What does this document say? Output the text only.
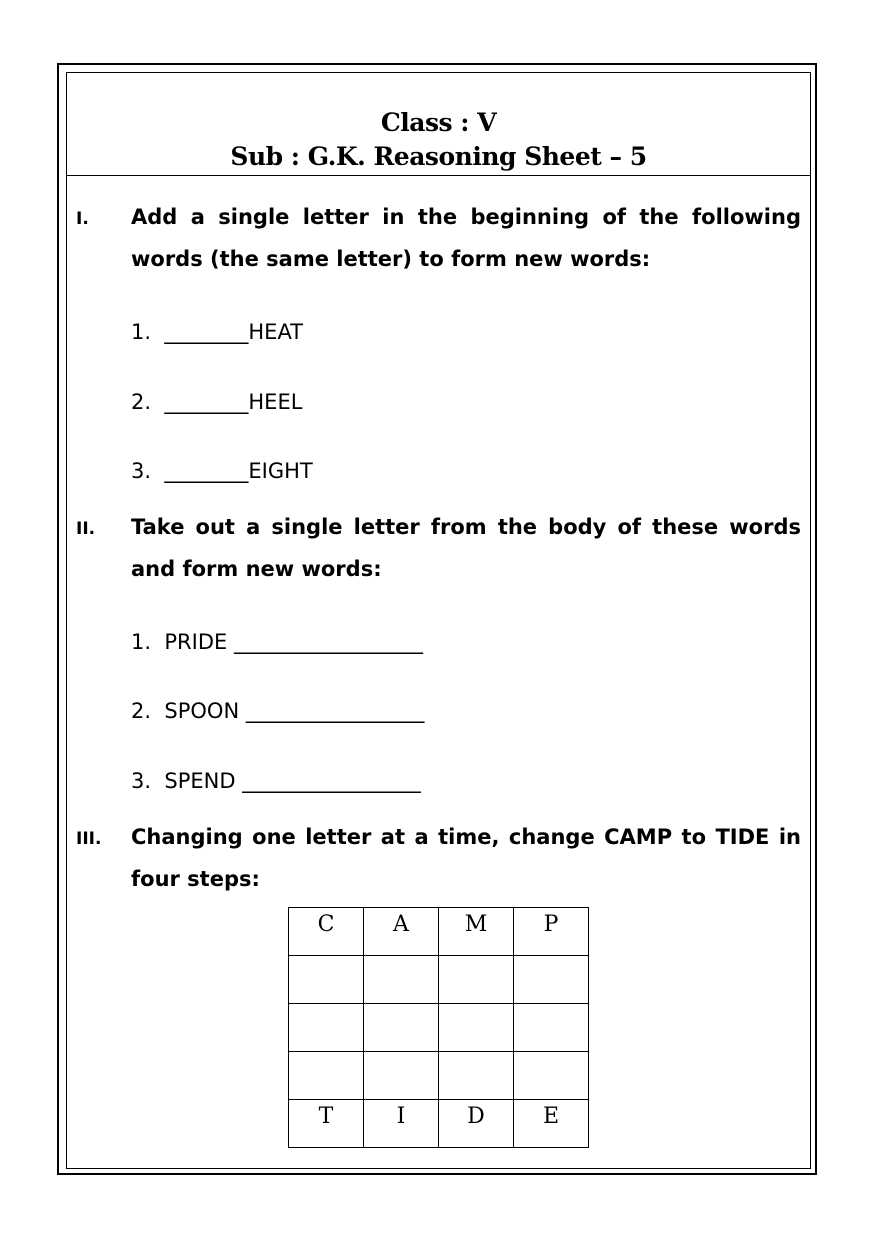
Class : V
Sub : G.K. Reasoning Sheet – 5
I. Add a single letter in the beginning of the following words (the same letter) to form new words:
1.  ________HEAT
2.  ________HEEL
3.  ________EIGHT
II. Take out a single letter from the body of these words and form new words:
1.  PRIDE __________________
2.  SPOON _________________
3.  SPEND _________________
III. Changing one letter at a time, change CAMP to TIDE in four steps:
C	A	M	P

T	I	D	E
